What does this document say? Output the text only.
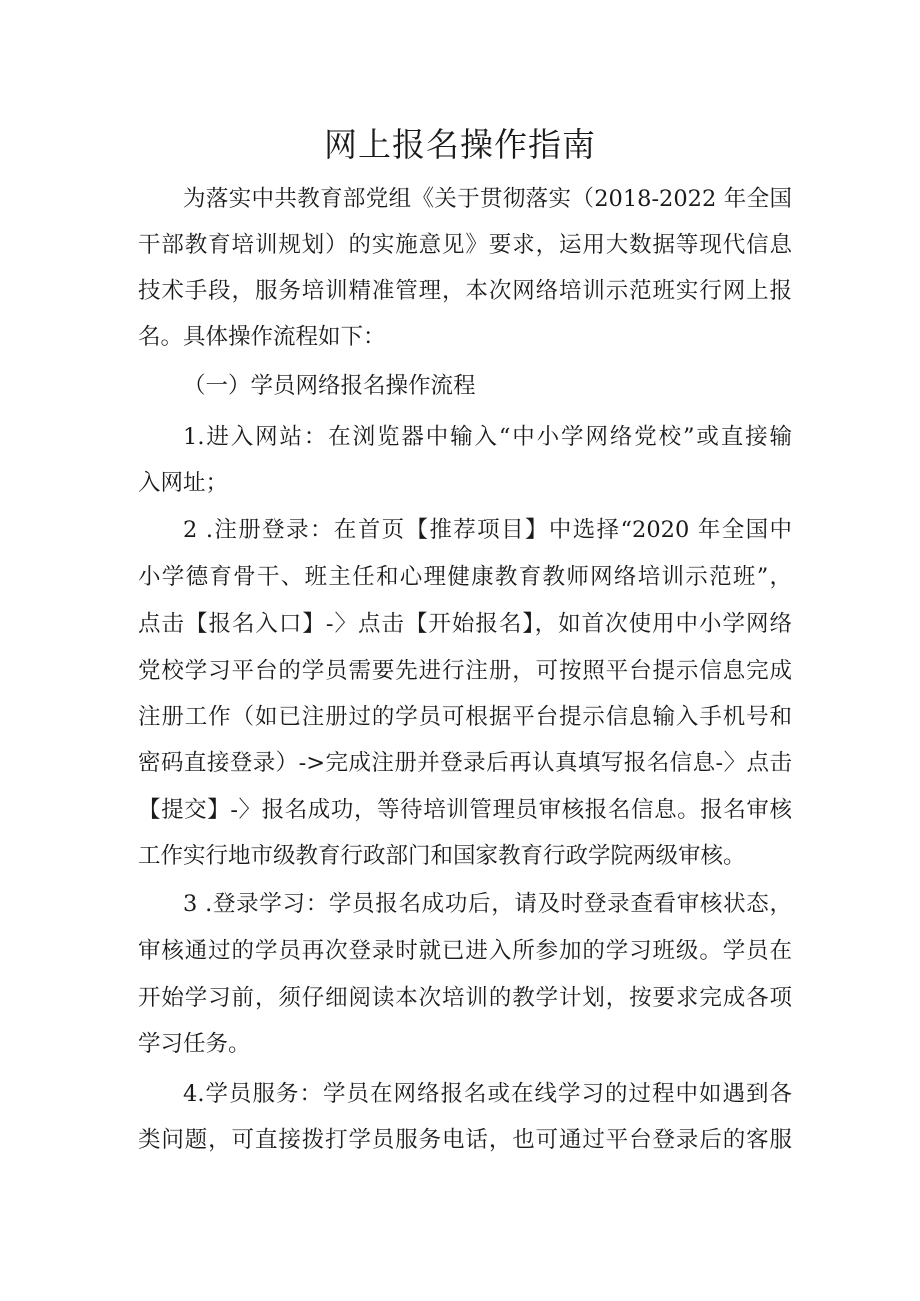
网上报名操作指南
为落实中共教育部党组《关于贯彻落实（2018-2022 年全国
干部教育培训规划）的实施意见》要求，运用大数据等现代信息
技术手段，服务培训精准管理，本次网络培训示范班实行网上报
名。具体操作流程如下：
（一）学员网络报名操作流程
1.进入网站：在浏览器中输入“中小学网络党校”或直接输
入网址；
2 .注册登录：在首页【推荐项目】中选择“2020 年全国中
小学德育骨干、班主任和心理健康教育教师网络培训示范班”，
点击【报名入口】-〉点击【开始报名】，如首次使用中小学网络
党校学习平台的学员需要先进行注册，可按照平台提示信息完成
注册工作（如已注册过的学员可根据平台提示信息输入手机号和
密码直接登录）->完成注册并登录后再认真填写报名信息-〉点击
【提交】-〉报名成功，等待培训管理员审核报名信息。报名审核
工作实行地市级教育行政部门和国家教育行政学院两级审核。
3 .登录学习：学员报名成功后，请及时登录查看审核状态，
审核通过的学员再次登录时就已进入所参加的学习班级。学员在
开始学习前，须仔细阅读本次培训的教学计划，按要求完成各项
学习任务。
4.学员服务：学员在网络报名或在线学习的过程中如遇到各
类问题，可直接拨打学员服务电话，也可通过平台登录后的客服
